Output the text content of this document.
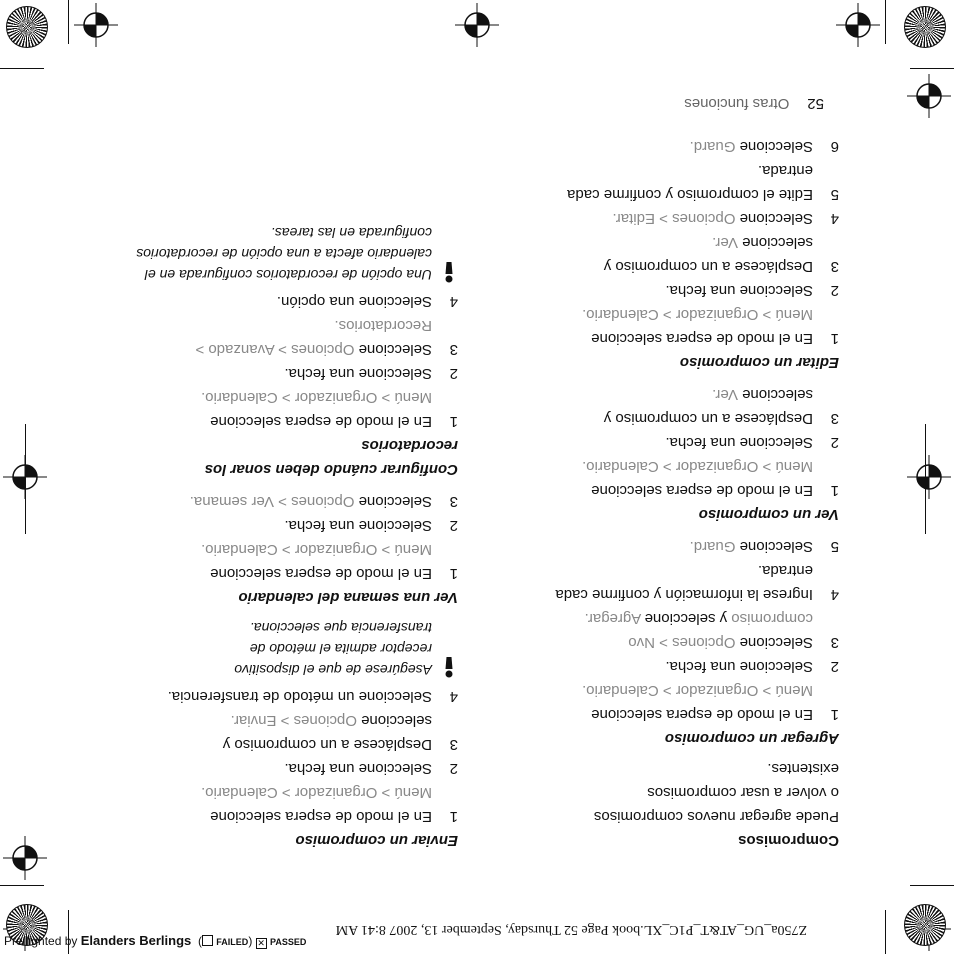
Z750a_UG_AT&T_P1C_XL.book Page 52 Thursday, September 13, 2007 8:41 AM
Compromisos
Puede agregar nuevos compromisos o volver a usar compromisos existentes.
Agregar un compromiso
1
En el modo de espera seleccione
Menú > Organizador > Calendario.
2
Seleccione una fecha.
3
Seleccione Opciones > Nvo compromiso y seleccione Agregar.
4
Ingrese la información y confirme cada entrada.
5
Seleccione Guard.
Ver un compromiso
1
En el modo de espera seleccione
Menú > Organizador > Calendario.
2
Seleccione una fecha.
3
Desplácese a un compromiso y seleccione Ver.
Editar un compromiso
1
En el modo de espera seleccione
Menú > Organizador > Calendario.
2
Seleccione una fecha.
3
Desplácese a un compromiso y seleccione Ver.
4
Seleccione Opciones > Editar.
5
Edite el compromiso y confirme cada entrada.
6
Seleccione Guard.
Enviar un compromiso
1
En el modo de espera seleccione
Menú > Organizador > Calendario.
2
Seleccione una fecha.
3
Desplácese a un compromiso y seleccione Opciones > Enviar.
4
Seleccione un método de transferencia.
Asegúrese de que el dispositivo receptor admita el método de transferencia que selecciona.
Ver una semana del calendario
1
En el modo de espera seleccione
Menú > Organizador > Calendario.
2
Seleccione una fecha.
3
Seleccione Opciones > Ver semana.
Configurar cuándo deben sonar los recordatorios
1
En el modo de espera seleccione
Menú > Organizador > Calendario.
2
Seleccione una fecha.
3
Seleccione Opciones > Avanzado > Recordatorios.
4
Seleccione una opción.
Una opción de recordatorios configurada en el calendario afecta a una opción de recordatorios configurada en las tareas.
52Otras funciones
Preflighted by Elanders Berlings  ( FAILED) ✕ PASSED
